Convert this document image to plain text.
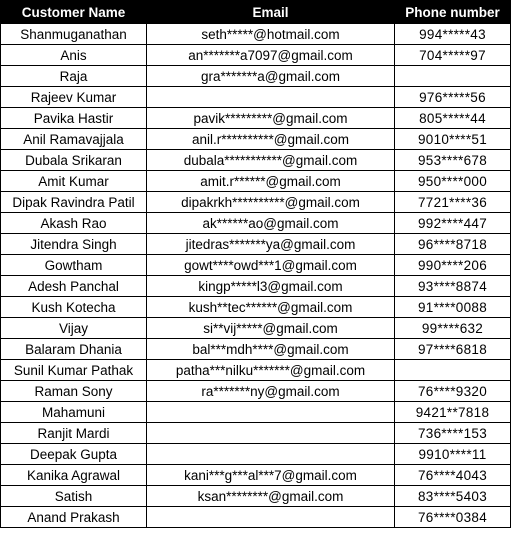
Customer Name	Email	Phone number
Shanmuganathan	seth*****@hotmail.com	994*****43
Anis	an*******a7097@gmail.com	704*****97
Raja	gra*******a@gmail.com	
Rajeev Kumar		976*****56
Pavika Hastir	pavik*********@gmail.com	805*****44
Anil Ramavajjala	anil.r**********@gmail.com	9010****51
Dubala Srikaran	dubala***********@gmail.com	953****678
Amit Kumar	amit.r******@gmail.com	950****000
Dipak Ravindra Patil	dipakrkh**********@gmail.com	7721****36
Akash Rao	ak******ao@gmail.com	992****447
Jitendra Singh	jitedras*******ya@gmail.com	96****8718
Gowtham	gowt****owd***1@gmail.com	990****206
Adesh Panchal	kingp*****l3@gmail.com	93****8874
Kush Kotecha	kush**tec******@gmail.com	91****0088
Vijay	si**vij*****@gmail.com	99****632
Balaram Dhania	bal***mdh****@gmail.com	97****6818
Sunil Kumar Pathak	patha***nilku*******@gmail.com	
Raman Sony	ra*******ny@gmail.com	76****9320
Mahamuni		9421**7818
Ranjit Mardi		736****153
Deepak Gupta		9910****11
Kanika Agrawal	kani***g***al***7@gmail.com	76****4043
Satish	ksan********@gmail.com	83****5403
Anand Prakash		76****0384
